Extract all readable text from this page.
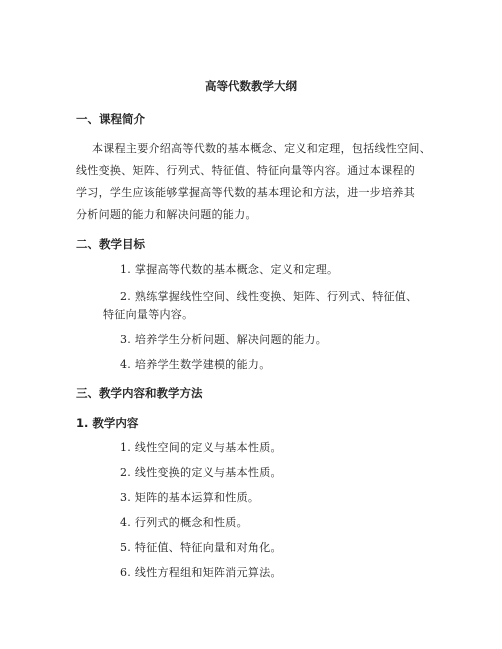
高等代数教学大纲
一、课程简介
本课程主要介绍高等代数的基本概念、定义和定理，包括线性空间、
线性变换、矩阵、行列式、特征值、特征向量等内容。通过本课程的
学习，学生应该能够掌握高等代数的基本理论和方法，进一步培养其
分析问题的能力和解决问题的能力。
二、教学目标
1. 掌握高等代数的基本概念、定义和定理。
2. 熟练掌握线性空间、线性变换、矩阵、行列式、特征值、
特征向量等内容。
3. 培养学生分析问题、解决问题的能力。
4. 培养学生数学建模的能力。
三、教学内容和教学方法
1. 教学内容
1. 线性空间的定义与基本性质。
2. 线性变换的定义与基本性质。
3. 矩阵的基本运算和性质。
4. 行列式的概念和性质。
5. 特征值、特征向量和对角化。
6. 线性方程组和矩阵消元算法。
